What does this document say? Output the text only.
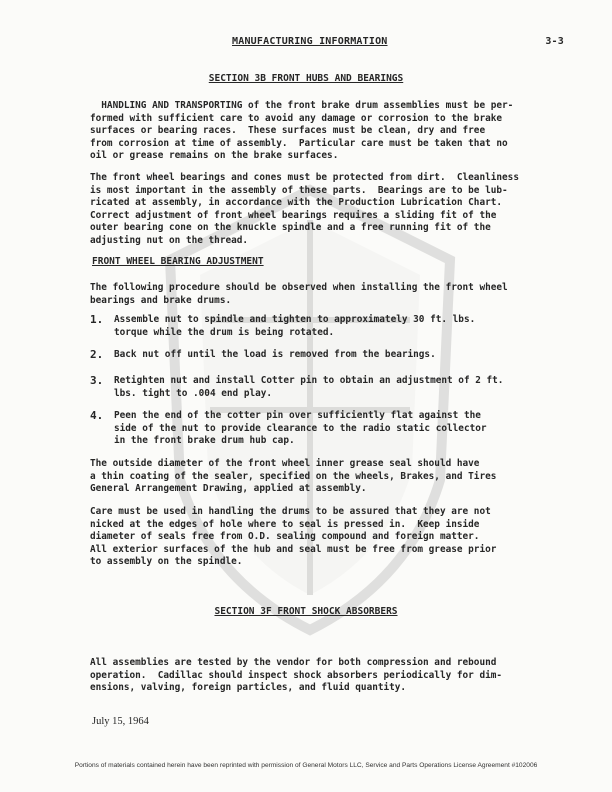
MANUFACTURING INFORMATION	3-3
SECTION 3B FRONT HUBS AND BEARINGS
HANDLING AND TRANSPORTING of the front brake drum assemblies must be per-
formed with sufficient care to avoid any damage or corrosion to the brake
surfaces or bearing races.  These surfaces must be clean, dry and free
from corrosion at time of assembly.  Particular care must be taken that no
oil or grease remains on the brake surfaces.
The front wheel bearings and cones must be protected from dirt.  Cleanliness
is most important in the assembly of these parts.  Bearings are to be lub-
ricated at assembly, in accordance with the Production Lubrication Chart.
Correct adjustment of front wheel bearings requires a sliding fit of the
outer bearing cone on the knuckle spindle and a free running fit of the
adjusting nut on the thread.
FRONT WHEEL BEARING ADJUSTMENT
The following procedure should be observed when installing the front wheel
bearings and brake drums.
1. Assemble nut to spindle and tighten to approximately 30 ft. lbs.
torque while the drum is being rotated.
2. Back nut off until the load is removed from the bearings.
3. Retighten nut and install Cotter pin to obtain an adjustment of 2 ft.
lbs. tight to .004 end play.
4. Peen the end of the cotter pin over sufficiently flat against the
side of the nut to provide clearance to the radio static collector
in the front brake drum hub cap.
The outside diameter of the front wheel inner grease seal should have
a thin coating of the sealer, specified on the wheels, Brakes, and Tires
General Arrangement Drawing, applied at assembly.
Care must be used in handling the drums to be assured that they are not
nicked at the edges of hole where to seal is pressed in.  Keep inside
diameter of seals free from O.D. sealing compound and foreign matter.
All exterior surfaces of the hub and seal must be free from grease prior
to assembly on the spindle.
SECTION 3F FRONT SHOCK ABSORBERS
All assemblies are tested by the vendor for both compression and rebound
operation.  Cadillac should inspect shock absorbers periodically for dim-
ensions, valving, foreign particles, and fluid quantity.
July 15, 1964
Portions of materials contained herein have been reprinted with permission of General Motors LLC, Service and Parts Operations License Agreement #102006
